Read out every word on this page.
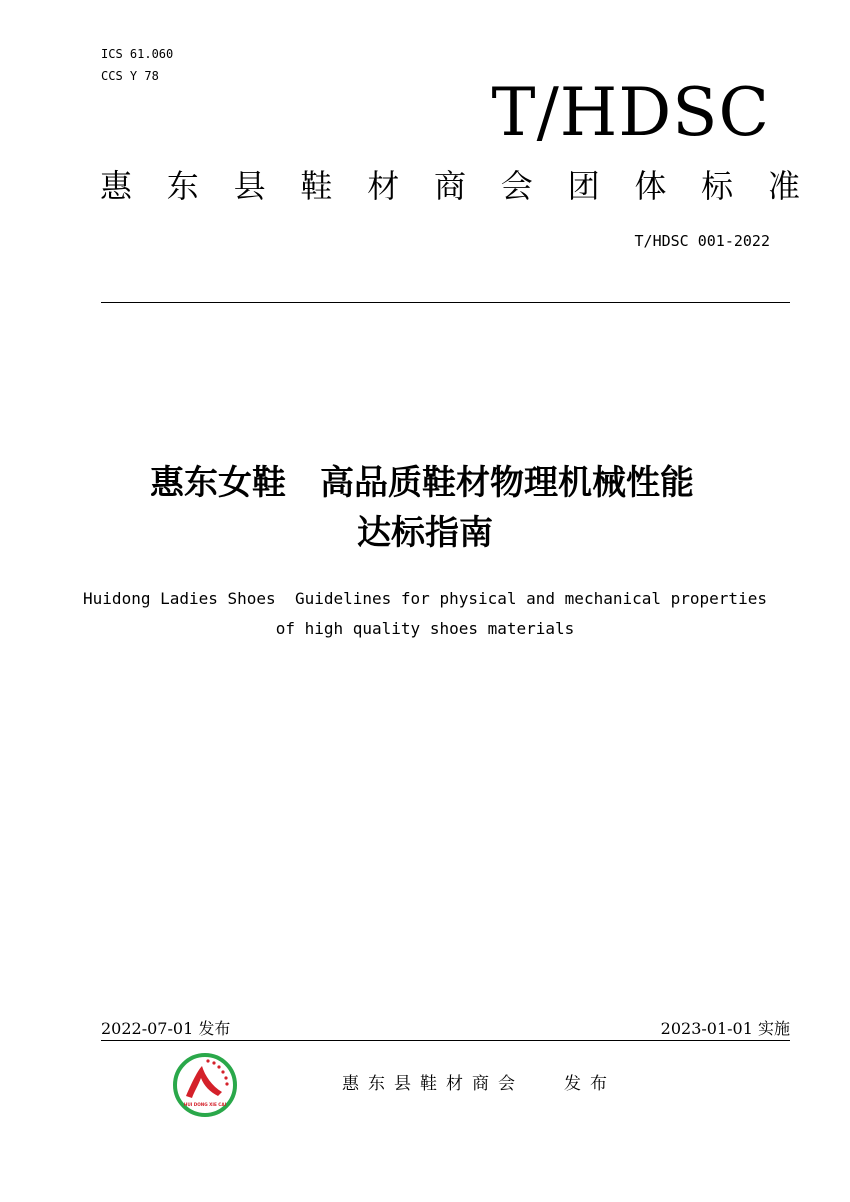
ICS 61.060
CCS Y 78	T/HDSC
惠 东 县 鞋 材 商 会 团 体 标 准
T/HDSC 001-2022
惠东女鞋　高品质鞋材物理机械性能
达标指南
Huidong Ladies Shoes  Guidelines for physical and mechanical properties
of high quality shoes materials
2022-07-01 发布	2023-01-01 实施
HUI DONG XIE CAI
惠东县鞋材商会 发布
